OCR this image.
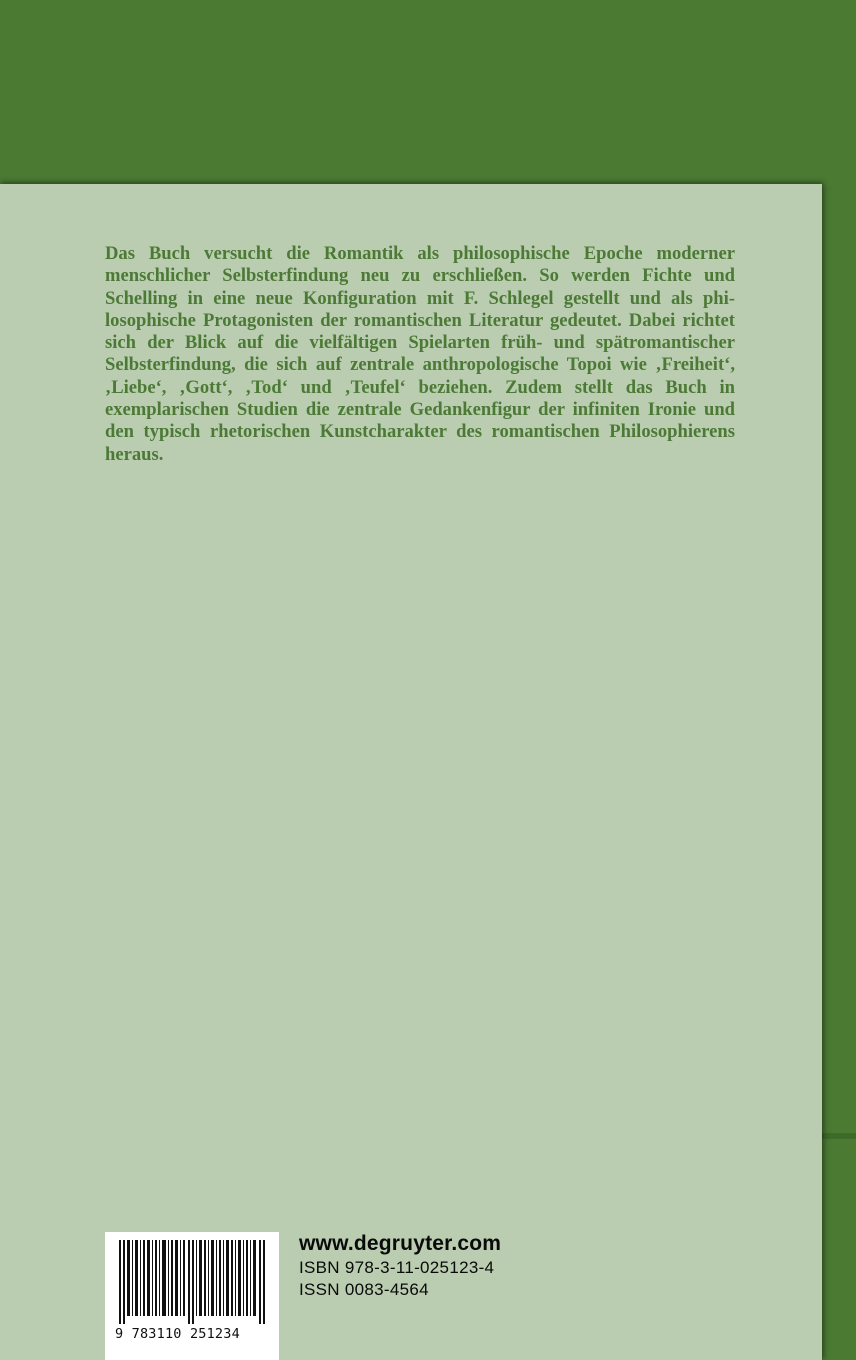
Das Buch versucht die Romantik als philosophische Epoche moderner menschlicher Selbsterfindung neu zu erschließen. So werden Fichte und Schelling in eine neue Konfiguration mit F. Schlegel gestellt und als philosophische Protagonisten der romantischen Literatur gedeutet. Dabei richtet sich der Blick auf die vielfältigen Spielarten früh- und spätromantischer Selbsterfindung, die sich auf zentrale anthropologische Topoi wie ‚Freiheit‘, ‚Liebe‘, ‚Gott‘, ‚Tod‘ und ‚Teufel‘ beziehen. Zudem stellt das Buch in exemplarischen Studien die zentrale Gedankenfigur der infiniten Ironie und den typisch rhetorischen Kunstcharakter des romantischen Philosophierens heraus.

9 783110 251234
www.degruyter.com
ISBN 978-3-11-025123-4
ISSN 0083-4564
